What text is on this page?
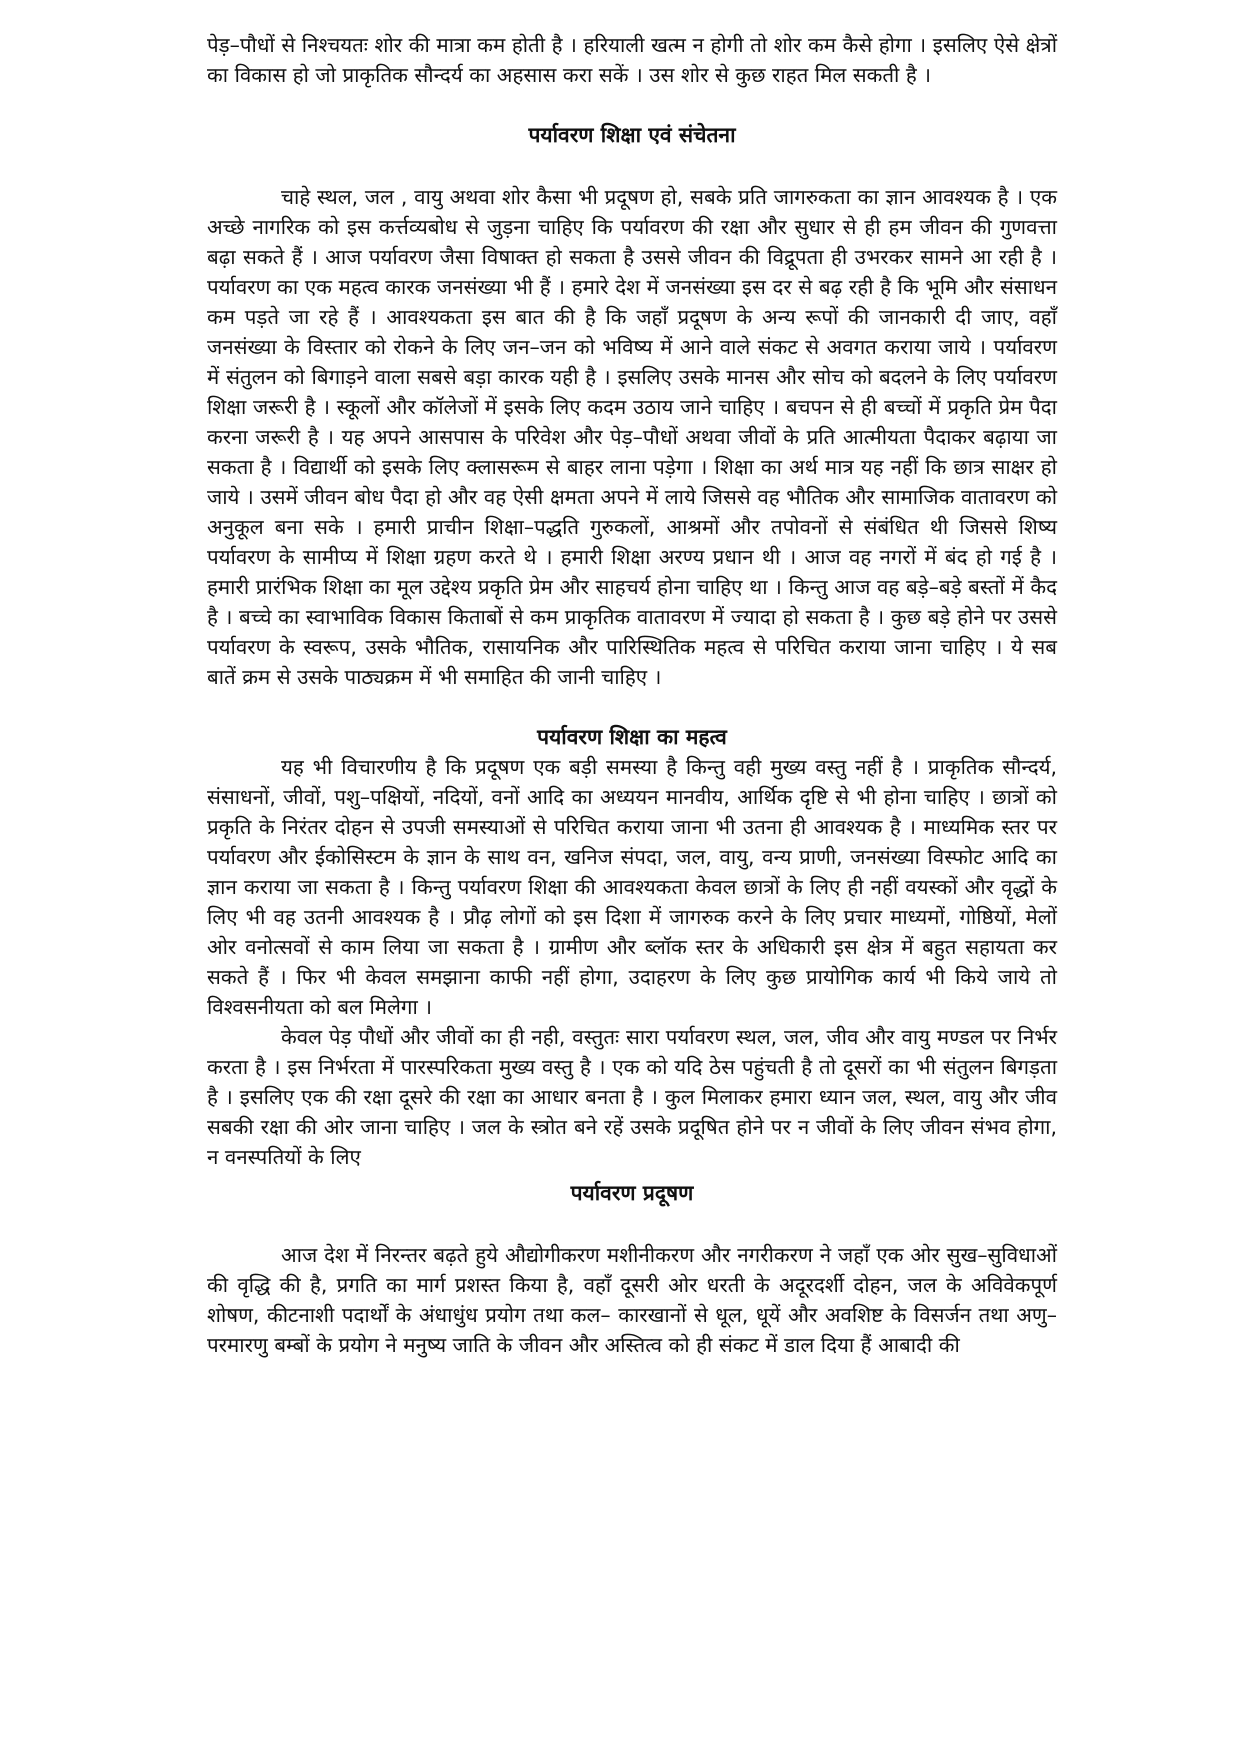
पेड़–पौधों से निश्चयतः शोर की मात्रा कम होती है । हरियाली खत्म न होगी तो शोर कम कैसे होगा । इसलिए ऐसे क्षेत्रों का विकास हो जो प्राकृतिक सौन्दर्य का अहसास करा सकें । उस शोर से कुछ राहत मिल सकती है ।

पर्यावरण शिक्षा एवं संचेतना

चाहे स्थल, जल , वायु अथवा शोर कैसा भी प्रदूषण हो, सबके प्रति जागरुकता का ज्ञान आवश्यक है । एक अच्छे नागरिक को इस कर्त्तव्यबोध से जुड़ना चाहिए कि पर्यावरण की रक्षा और सुधार से ही हम जीवन की गुणवत्ता बढ़ा सकते हैं । आज पर्यावरण जैसा विषाक्त हो सकता है उससे जीवन की विद्रूपता ही उभरकर सामने आ रही है । पर्यावरण का एक महत्व कारक जनसंख्या भी हैं । हमारे देश में जनसंख्या इस दर से बढ़ रही है कि भूमि और संसाधन कम पड़ते जा रहे हैं । आवश्यकता इस बात की है कि जहाँ प्रदूषण के अन्य रूपों की जानकारी दी जाए, वहाँ जनसंख्या के विस्तार को रोकने के लिए जन–जन को भविष्य में आने वाले संकट से अवगत कराया जाये । पर्यावरण में संतुलन को बिगाड़ने वाला सबसे बड़ा कारक यही है । इसलिए उसके मानस और सोच को बदलने के लिए पर्यावरण शिक्षा जरूरी है । स्कूलों और कॉलेजों में इसके लिए कदम उठाय जाने चाहिए । बचपन से ही बच्चों में प्रकृति प्रेम पैदा करना जरूरी है । यह अपने आसपास के परिवेश और पेड़–पौधों अथवा जीवों के प्रति आत्मीयता पैदाकर बढ़ाया जा सकता है । विद्यार्थी को इसके लिए क्लासरूम से बाहर लाना पड़ेगा । शिक्षा का अर्थ मात्र यह नहीं कि छात्र साक्षर हो जाये । उसमें जीवन बोध पैदा हो और वह ऐसी क्षमता अपने में लाये जिससे वह भौतिक और सामाजिक वातावरण को अनुकूल बना सके । हमारी प्राचीन शिक्षा–पद्धति गुरुकलों, आश्रमों और तपोवनों से संबंधित थी जिससे शिष्य पर्यावरण के सामीप्य में शिक्षा ग्रहण करते थे । हमारी शिक्षा अरण्य प्रधान थी । आज वह नगरों में बंद हो गई है । हमारी प्रारंभिक शिक्षा का मूल उद्देश्य प्रकृति प्रेम और साहचर्य होना चाहिए था । किन्तु आज वह बड़े–बड़े बस्तों में कैद है । बच्चे का स्वाभाविक विकास किताबों से कम प्राकृतिक वातावरण में ज्यादा हो सकता है । कुछ बड़े होने पर उससे पर्यावरण के स्वरूप, उसके भौतिक, रासायनिक और पारिस्थितिक महत्व से परिचित कराया जाना चाहिए । ये सब बातें क्रम से उसके पाठ्यक्रम में भी समाहित की जानी चाहिए ।

पर्यावरण शिक्षा का महत्व

यह भी विचारणीय है कि प्रदूषण एक बड़ी समस्या है किन्तु वही मुख्य वस्तु नहीं है । प्राकृतिक सौन्दर्य, संसाधनों, जीवों, पशु–पक्षियों, नदियों, वनों आदि का अध्ययन मानवीय, आर्थिक दृष्टि से भी होना चाहिए । छात्रों को प्रकृति के निरंतर दोहन से उपजी समस्याओं से परिचित कराया जाना भी उतना ही आवश्यक है । माध्यमिक स्तर पर पर्यावरण और ईकोसिस्टम के ज्ञान के साथ वन, खनिज संपदा, जल, वायु, वन्य प्राणी, जनसंख्या विस्फोट आदि का ज्ञान कराया जा सकता है । किन्तु पर्यावरण शिक्षा की आवश्यकता केवल छात्रों के लिए ही नहीं वयस्कों और वृद्धों के लिए भी वह उतनी आवश्यक है । प्रौढ़ लोगों को इस दिशा में जागरुक करने के लिए प्रचार माध्यमों, गोष्ठियों, मेलों ओर वनोत्सवों से काम लिया जा सकता है । ग्रामीण और ब्लॉक स्तर के अधिकारी इस क्षेत्र में बहुत सहायता कर सकते हैं । फिर भी केवल समझाना काफी नहीं होगा, उदाहरण के लिए कुछ प्रायोगिक कार्य भी किये जाये तो विश्वसनीयता को बल मिलेगा ।

केवल पेड़ पौधों और जीवों का ही नही, वस्तुतः सारा पर्यावरण स्थल, जल, जीव और वायु मण्डल पर निर्भर करता है । इस निर्भरता में पारस्परिकता मुख्य वस्तु है । एक को यदि ठेस पहुंचती है तो दूसरों का भी संतुलन बिगड़ता है । इसलिए एक की रक्षा दूसरे की रक्षा का आधार बनता है । कुल मिलाकर हमारा ध्यान जल, स्थल, वायु और जीव सबकी रक्षा की ओर जाना चाहिए । जल के स्त्रोत बने रहें उसके प्रदूषित होने पर न जीवों के लिए जीवन संभव होगा, न वनस्पतियों के लिए

पर्यावरण प्रदूषण

आज देश में निरन्तर बढ़ते हुये औद्योगीकरण मशीनीकरण और नगरीकरण ने जहाँ एक ओर सुख–सुविधाओं की वृद्धि की है, प्रगति का मार्ग प्रशस्त किया है, वहाँ दूसरी ओर धरती के अदूरदर्शी दोहन, जल के अविवेकपूर्ण शोषण, कीटनाशी पदार्थों के अंधाधुंध प्रयोग तथा कल– कारखानों से धूल, धूयें और अवशिष्ट के विसर्जन तथा अणु–परमारणु बम्बों के प्रयोग ने मनुष्य जाति के जीवन और अस्तित्व को ही संकट में डाल दिया हैं आबादी की
